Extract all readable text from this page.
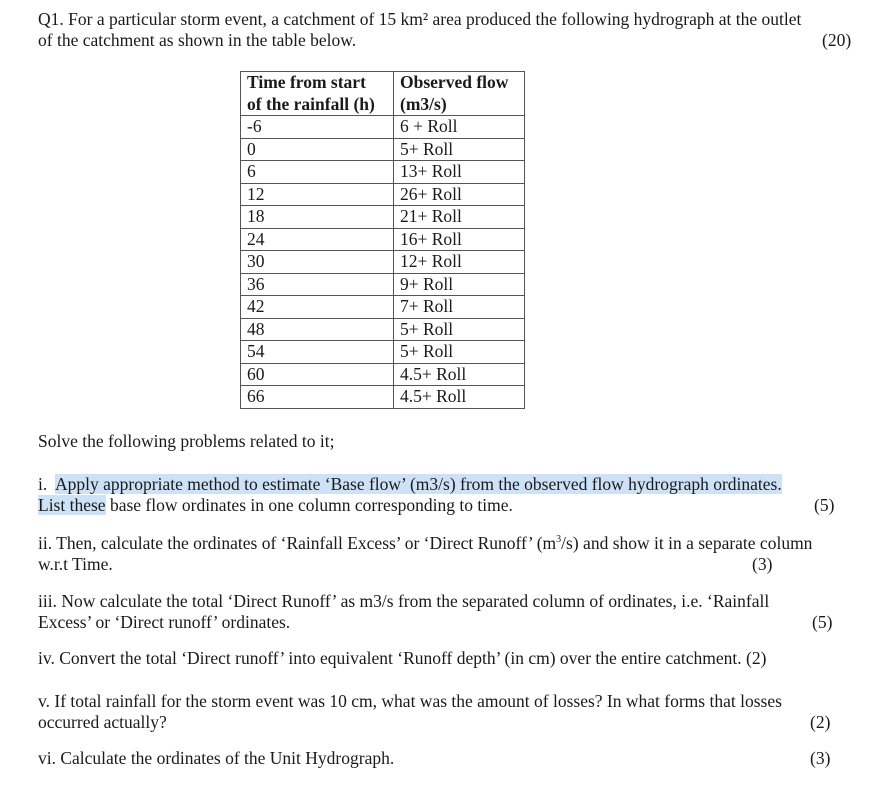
Q1. For a particular storm event, a catchment of 15 km² area produced the following hydrograph at the outlet
of the catchment as shown in the table below.	(20)
Time from start
of the rainfall (h)	Observed flow
(m3/s)
-6	6 + Roll
0	5+ Roll
6	13+ Roll
12	26+ Roll
18	21+ Roll
24	16+ Roll
30	12+ Roll
36	9+ Roll
42	7+ Roll
48	5+ Roll
54	5+ Roll
60	4.5+ Roll
66	4.5+ Roll
Solve the following problems related to it;
i.  Apply appropriate method to estimate ‘Base flow’ (m3/s) from the observed flow hydrograph ordinates.
List these base flow ordinates in one column corresponding to time.	(5)
ii. Then, calculate the ordinates of ‘Rainfall Excess’ or ‘Direct Runoff’ $(m^3/s)$ and show it in a separate column
w.r.t Time.	(3)
iii. Now calculate the total ‘Direct Runoff’ as m3/s from the separated column of ordinates, i.e. ‘Rainfall
Excess’ or ‘Direct runoff’ ordinates.	(5)
iv. Convert the total ‘Direct runoff’ into equivalent ‘Runoff depth’ (in cm) over the entire catchment. (2)
v. If total rainfall for the storm event was 10 cm, what was the amount of losses? In what forms that losses
occurred actually?	(2)
vi. Calculate the ordinates of the Unit Hydrograph.	(3)
